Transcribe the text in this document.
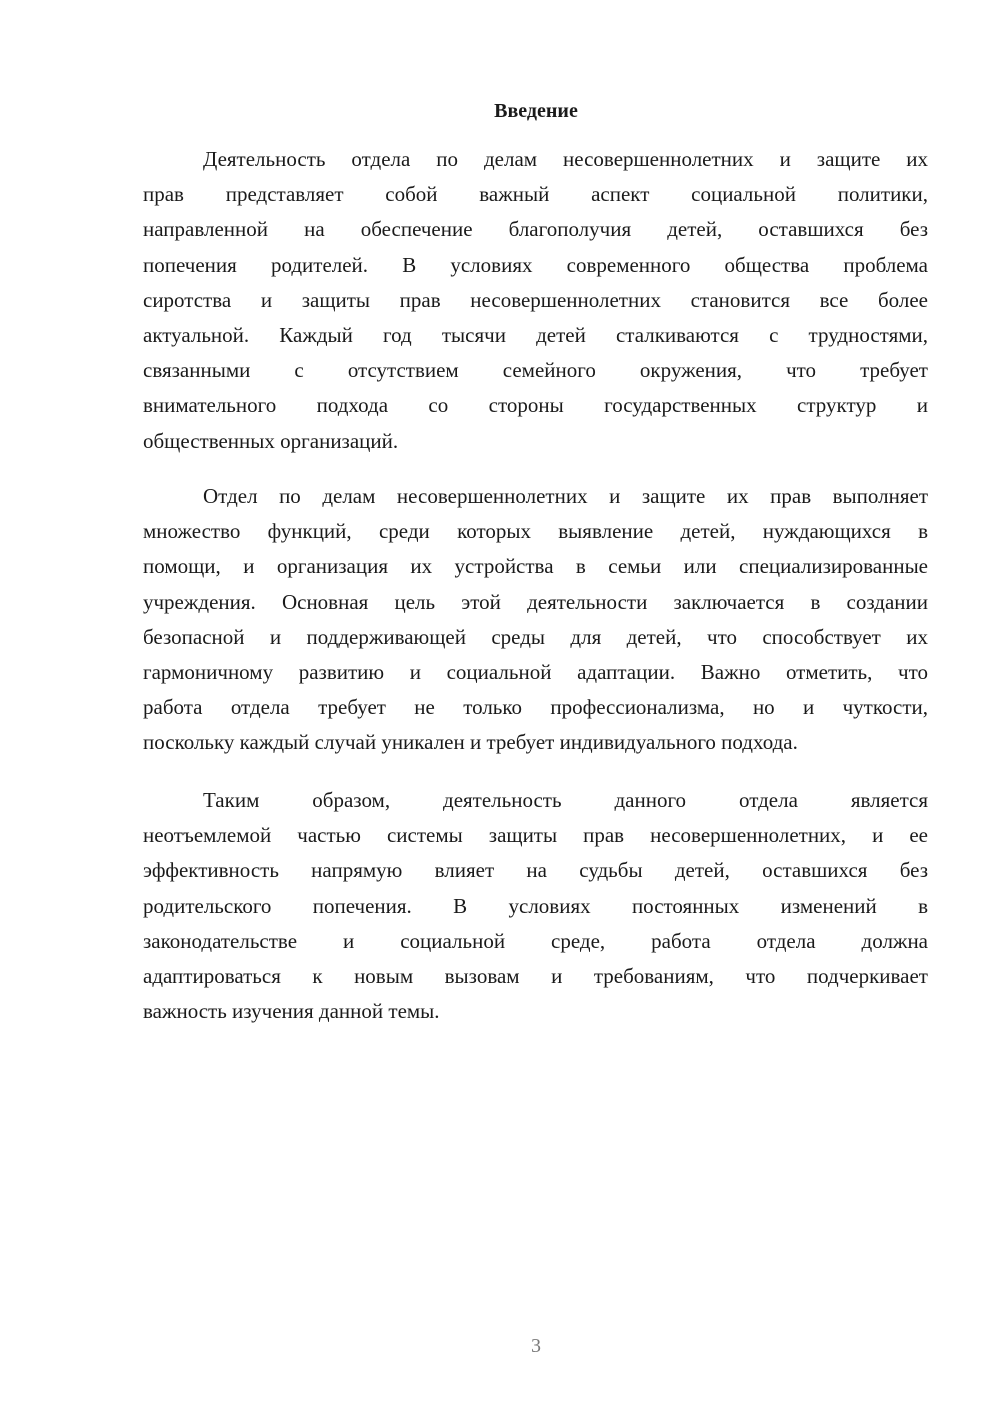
Введение
Деятельность отдела по делам несовершеннолетних и защите их
прав представляет собой важный аспект социальной политики,
направленной на обеспечение благополучия детей, оставшихся без
попечения родителей. В условиях современного общества проблема
сиротства и защиты прав несовершеннолетних становится все более
актуальной. Каждый год тысячи детей сталкиваются с трудностями,
связанными с отсутствием семейного окружения, что требует
внимательного подхода со стороны государственных структур и
общественных организаций.
Отдел по делам несовершеннолетних и защите их прав выполняет
множество функций, среди которых выявление детей, нуждающихся в
помощи, и организация их устройства в семьи или специализированные
учреждения. Основная цель этой деятельности заключается в создании
безопасной и поддерживающей среды для детей, что способствует их
гармоничному развитию и социальной адаптации. Важно отметить, что
работа отдела требует не только профессионализма, но и чуткости,
поскольку каждый случай уникален и требует индивидуального подхода.
Таким образом, деятельность данного отдела является
неотъемлемой частью системы защиты прав несовершеннолетних, и ее
эффективность напрямую влияет на судьбы детей, оставшихся без
родительского попечения. В условиях постоянных изменений в
законодательстве и социальной среде, работа отдела должна
адаптироваться к новым вызовам и требованиям, что подчеркивает
важность изучения данной темы.
3
